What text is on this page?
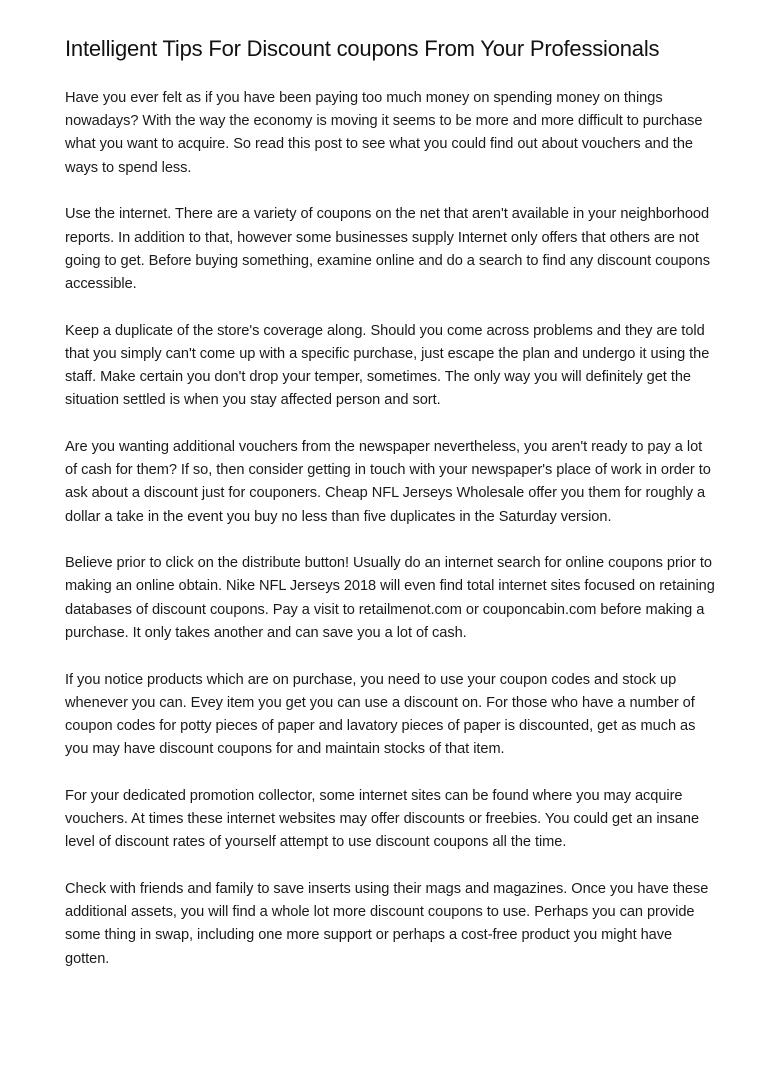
Intelligent Tips For Discount coupons From Your Professionals

Have you ever felt as if you have been paying too much money on spending money on things nowadays? With the way the economy is moving it seems to be more and more difficult to purchase what you want to acquire. So read this post to see what you could find out about vouchers and the ways to spend less.

Use the internet. There are a variety of coupons on the net that aren't available in your neighborhood reports. In addition to that, however some businesses supply Internet only offers that others are not going to get. Before buying something, examine online and do a search to find any discount coupons accessible.

Keep a duplicate of the store's coverage along. Should you come across problems and they are told that you simply can't come up with a specific purchase, just escape the plan and undergo it using the staff. Make certain you don't drop your temper, sometimes. The only way you will definitely get the situation settled is when you stay affected person and sort.

Are you wanting additional vouchers from the newspaper nevertheless, you aren't ready to pay a lot of cash for them? If so, then consider getting in touch with your newspaper's place of work in order to ask about a discount just for couponers. Cheap NFL Jerseys Wholesale offer you them for roughly a dollar a take in the event you buy no less than five duplicates in the Saturday version.

Believe prior to click on the distribute button! Usually do an internet search for online coupons prior to making an online obtain. Nike NFL Jerseys 2018 will even find total internet sites focused on retaining databases of discount coupons. Pay a visit to retailmenot.com or couponcabin.com before making a purchase. It only takes another and can save you a lot of cash.

If you notice products which are on purchase, you need to use your coupon codes and stock up whenever you can. Evey item you get you can use a discount on. For those who have a number of coupon codes for potty pieces of paper and lavatory pieces of paper is discounted, get as much as you may have discount coupons for and maintain stocks of that item.

For your dedicated promotion collector, some internet sites can be found where you may acquire vouchers. At times these internet websites may offer discounts or freebies. You could get an insane level of discount rates of yourself attempt to use discount coupons all the time.

Check with friends and family to save inserts using their mags and magazines. Once you have these additional assets, you will find a whole lot more discount coupons to use. Perhaps you can provide some thing in swap, including one more support or perhaps a cost-free product you might have gotten.
